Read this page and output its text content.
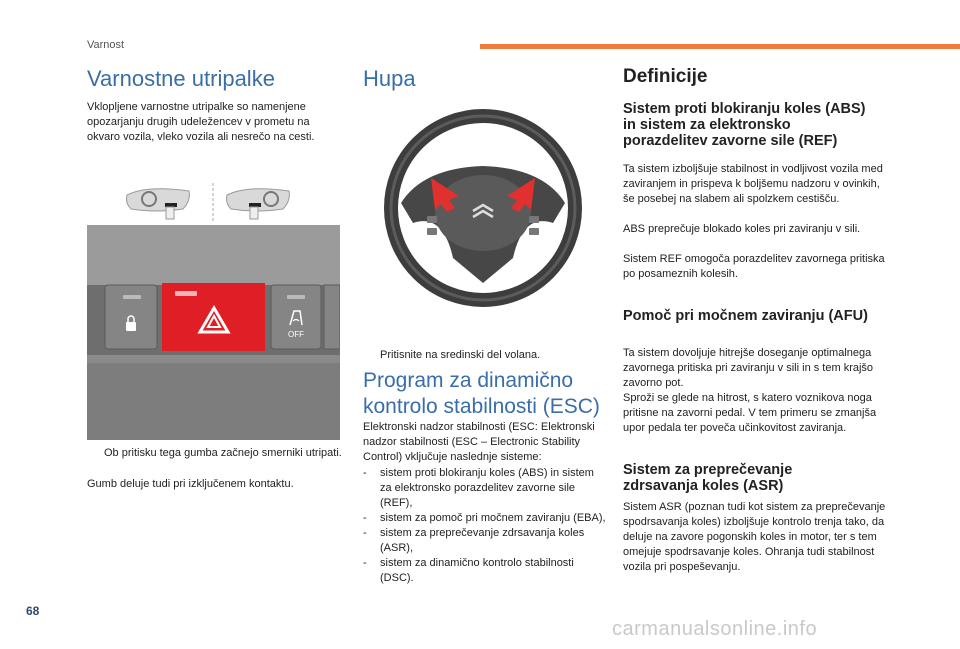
Varnost
68
carmanualsonline.info
Varnostne utripalke

Vklopljene varnostne utripalke so namenjene opozarjanju drugih udeležencev v prometu na okvaro vozila, vleko vozila ali nesrečo na cesti.

OFF
Ob pritisku tega gumba začnejo smerniki utripati.

Gumb deluje tudi pri izključenem kontaktu.

Hupa
Pritisnite na sredinski del volana.
Program za dinamično
kontrolo stabilnosti (ESC)

Elektronski nadzor stabilnosti (ESC: Elektronski nadzor stabilnosti (ESC – Electronic Stability Control) vključuje naslednje sisteme:

- sistem proti blokiranju koles (ABS) in sistem za elektronsko porazdelitev zavorne sile (REF),
- sistem za pomoč pri močnem zaviranju (EBA),
- sistem za preprečevanje zdrsavanja koles (ASR),
- sistem za dinamično kontrolo stabilnosti (DSC).
Definicije
Sistem proti blokiranju koles (ABS) in sistem za elektronsko porazdelitev zavorne sile (REF)

Ta sistem izboljšuje stabilnost in vodljivost vozila med zaviranjem in prispeva k boljšemu nadzoru v ovinkih, še posebej na slabem ali spolzkem cestišču.

ABS preprečuje blokado koles pri zaviranju v sili.

Sistem REF omogoča porazdelitev zavornega pritiska po posameznih kolesih.

Pomoč pri močnem zaviranju (AFU)

Ta sistem dovoljuje hitrejše doseganje optimalnega zavornega pritiska pri zaviranju v sili in s tem krajšo zavorno pot.

Sproži se glede na hitrost, s katero voznikova noga pritisne na zavorni pedal. V tem primeru se zmanjša upor pedala ter poveča učinkovitost zaviranja.

Sistem za preprečevanje zdrsavanja koles (ASR)

Sistem ASR (poznan tudi kot sistem za preprečevanje spodrsavanja koles) izboljšuje kontrolo trenja tako, da deluje na zavore pogonskih koles in motor, ter s tem omejuje spodrsavanje koles. Ohranja tudi stabilnost vozila pri pospeševanju.
